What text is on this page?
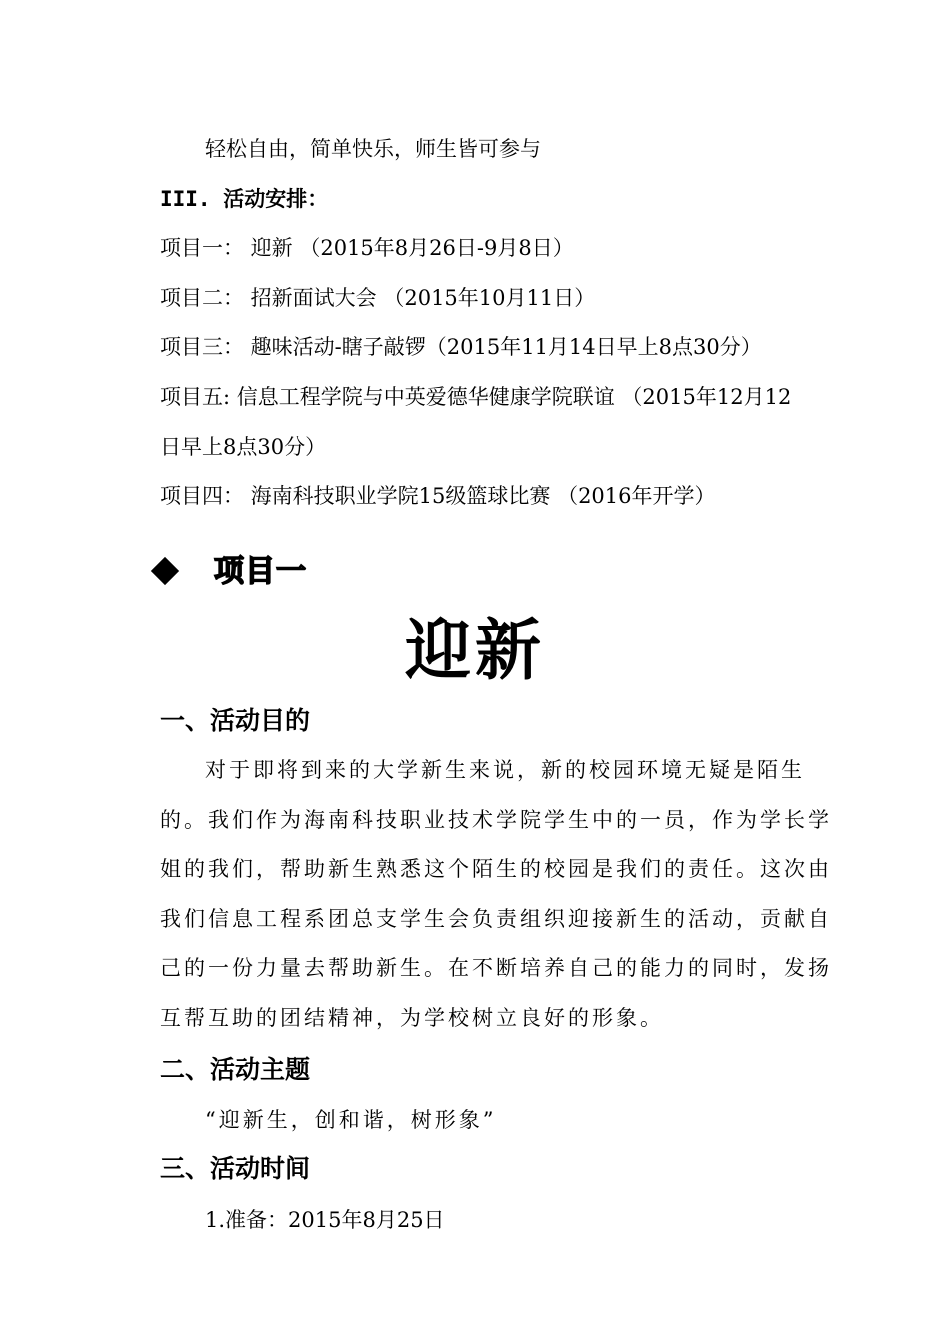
轻松自由，简单快乐，师生皆可参与
III. 活动安排：
项目一： 迎新 （2015年8月26日-9月8日）
项目二： 招新面试大会 （2015年10月11日）
项目三： 趣味活动-瞎子敲锣（2015年11月14日早上8点30分）
项目五: 信息工程学院与中英爱德华健康学院联谊 （2015年12月12
日早上8点30分）
项目四： 海南科技职业学院15级篮球比赛 （2016年开学）
项目一
迎新
一、活动目的
对于即将到来的大学新生来说，新的校园环境无疑是陌生的。我们作为海南科技职业技术学院学生中的一员，作为学长学姐的我们，帮助新生熟悉这个陌生的校园是我们的责任。这次由我们信息工程系团总支学生会负责组织迎接新生的活动，贡献自己的一份力量去帮助新生。在不断培养自己的能力的同时，发扬互帮互助的团结精神，为学校树立良好的形象。
二、活动主题
“迎新生，创和谐，树形象”
三、活动时间
1.准备：2015年8月25日
